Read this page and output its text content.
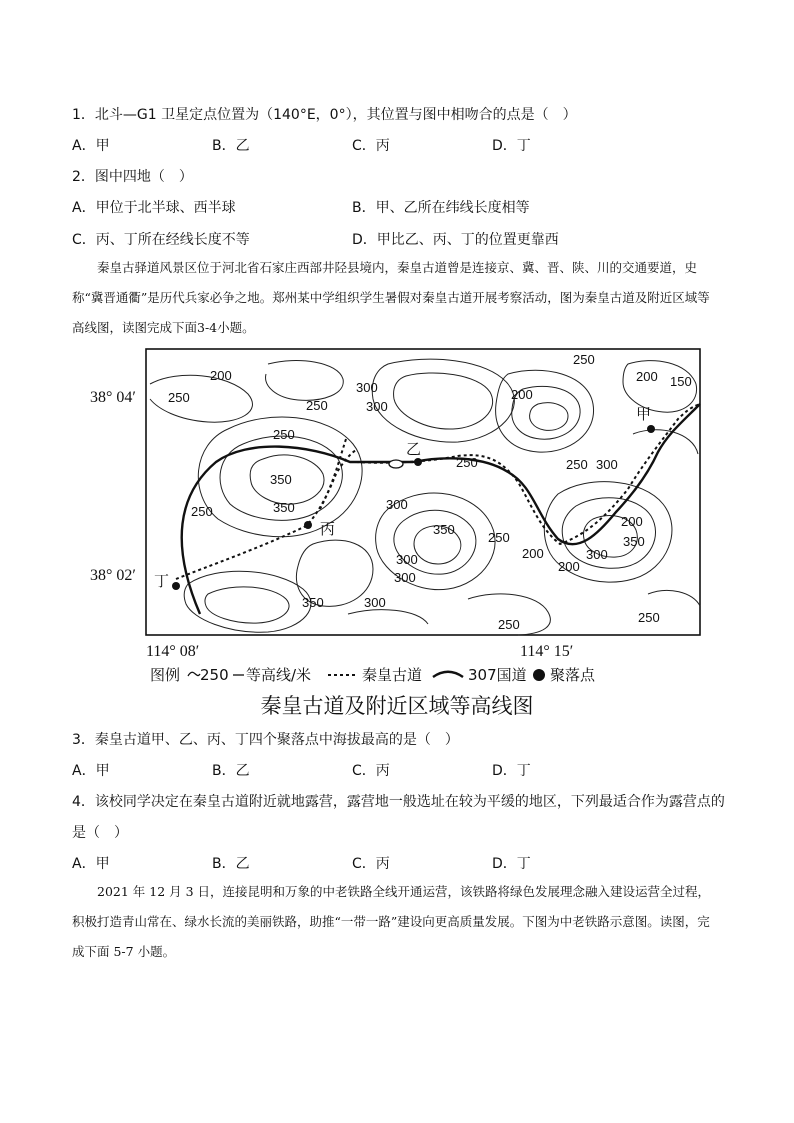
1．北斗—G1 卫星定点位置为（140°E，0°），其位置与图中相吻合的点是（　）
A．甲	B．乙	C．丙	D．丁
2．图中四地（　）
A．甲位于北半球、西半球	B．甲、乙所在纬线长度相等
C．丙、丁所在经线长度不等	D．甲比乙、丙、丁的位置更靠西
秦皇古驿道风景区位于河北省石家庄西部井陉县境内，秦皇古道曾是连接京、冀、晋、陕、川的交通要道，史称“冀晋通衢”是历代兵家必争之地。郑州某中学组织学生暑假对秦皇古道开展考察活动，图为秦皇古道及附近区域等高线图，读图完成下面3-4小题。
甲
乙
丙
丁
250
200
300
250
250
200
200
150
300
250
350
350
250	300
350
250
300
300
250
200
200
250 300
350
300
200
350	300
250	250
38° 04′
38° 02′
114° 08′	114° 15′
图例 250 等高线/米	秦皇古道	307国道 聚落点
秦皇古道及附近区域等高线图
3．秦皇古道甲、乙、丙、丁四个聚落点中海拔最高的是（　）
A．甲	B．乙	C．丙	D．丁
4．该校同学决定在秦皇古道附近就地露营，露营地一般选址在较为平缓的地区，下列最适合作为露营点的
是（　）
A．甲	B．乙	C．丙	D．丁
2021 年 12 月 3 日，连接昆明和万象的中老铁路全线开通运营，该铁路将绿色发展理念融入建设运营全过程，积极打造青山常在、绿水长流的美丽铁路，助推“一带一路”建设向更高质量发展。下图为中老铁路示意图。读图，完成下面 5-7 小题。
